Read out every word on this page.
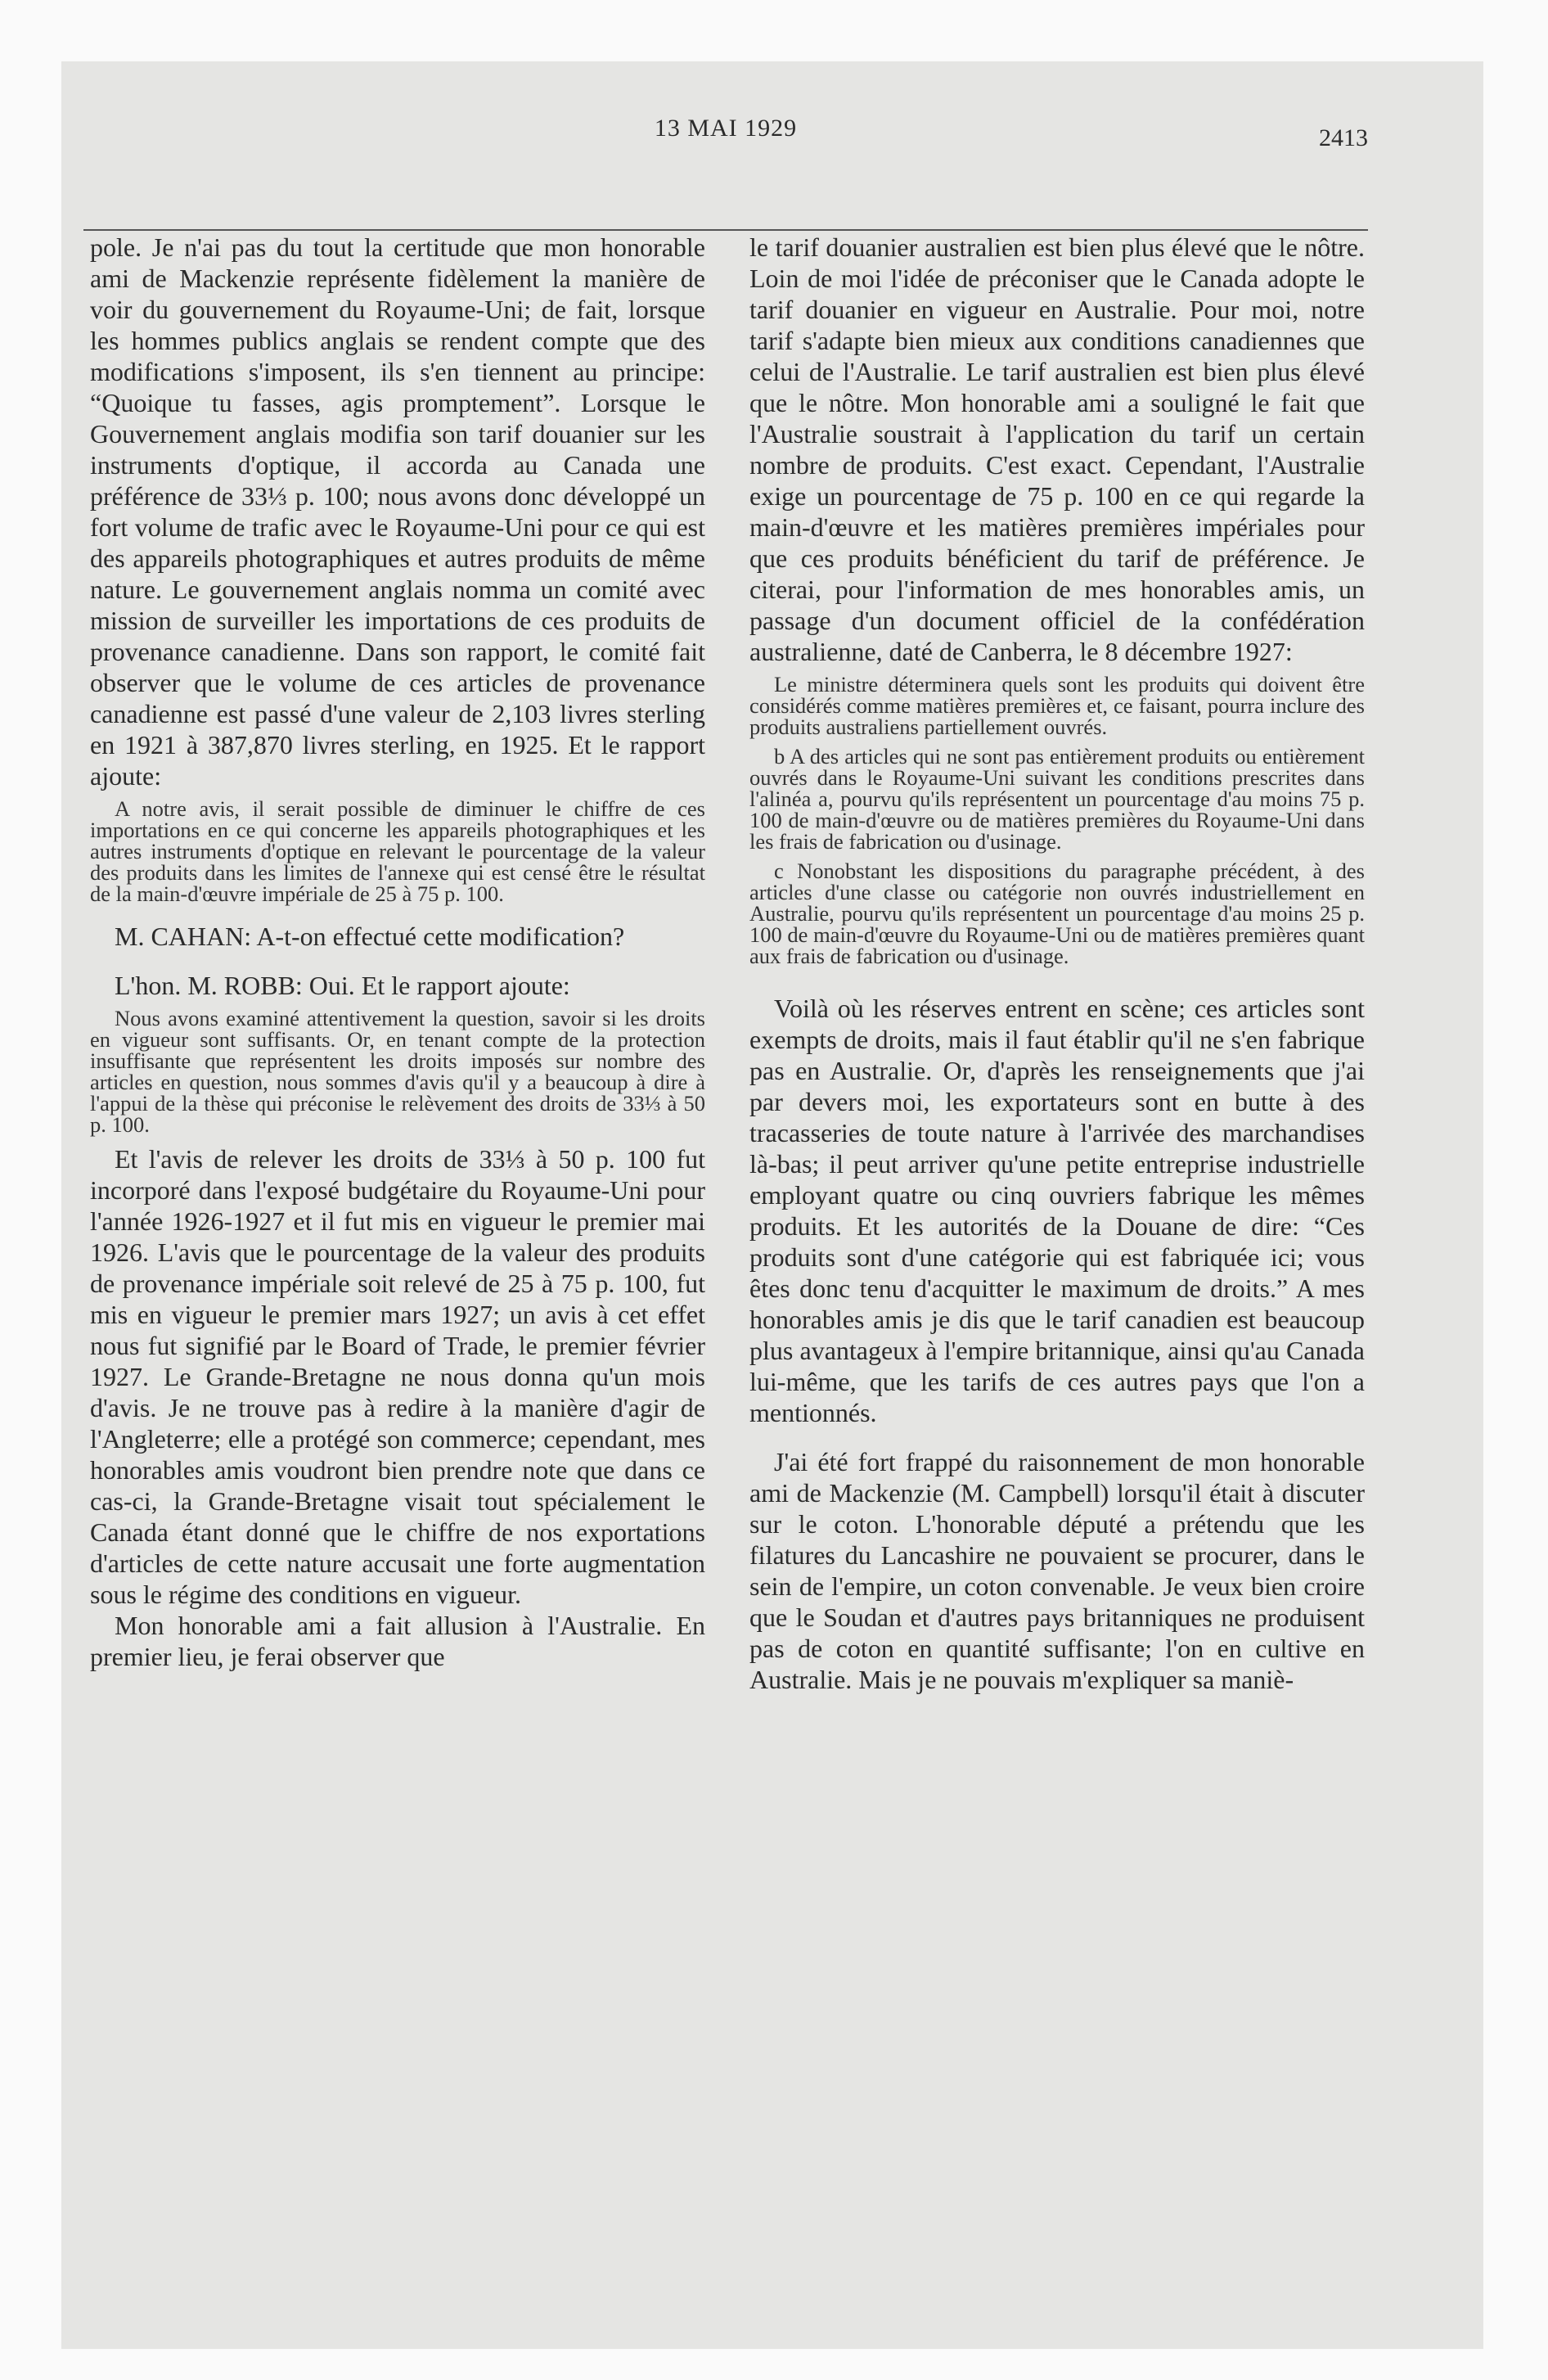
13 MAI 1929	2413

pole. Je n'ai pas du tout la certitude que mon honorable ami de Mackenzie représente fidèlement la manière de voir du gouvernement du Royaume-Uni; de fait, lorsque les hommes publics anglais se rendent compte que des modifications s'imposent, ils s'en tiennent au principe: “Quoique tu fasses, agis promptement”. Lorsque le Gouvernement anglais modifia son tarif douanier sur les instruments d'optique, il accorda au Canada une préférence de 33⅓ p. 100; nous avons donc développé un fort volume de trafic avec le Royaume-Uni pour ce qui est des appareils photographiques et autres produits de même nature. Le gouvernement anglais nomma un comité avec mission de surveiller les importations de ces produits de provenance canadienne. Dans son rapport, le comité fait observer que le volume de ces articles de provenance canadienne est passé d'une valeur de 2,103 livres sterling en 1921 à 387,870 livres sterling, en 1925. Et le rapport ajoute:

A notre avis, il serait possible de diminuer le chiffre de ces importations en ce qui concerne les appareils photographiques et les autres instruments d'optique en relevant le pourcentage de la valeur des produits dans les limites de l'annexe qui est censé être le résultat de la main-d'œuvre impériale de 25 à 75 p. 100.

M. CAHAN: A-t-on effectué cette modification?

L'hon. M. ROBB: Oui. Et le rapport ajoute:

Nous avons examiné attentivement la question, savoir si les droits en vigueur sont suffisants. Or, en tenant compte de la protection insuffisante que représentent les droits imposés sur nombre des articles en question, nous sommes d'avis qu'il y a beaucoup à dire à l'appui de la thèse qui préconise le relèvement des droits de 33⅓ à 50 p. 100.

Et l'avis de relever les droits de 33⅓ à 50 p. 100 fut incorporé dans l'exposé budgétaire du Royaume-Uni pour l'année 1926-1927 et il fut mis en vigueur le premier mai 1926. L'avis que le pourcentage de la valeur des produits de provenance impériale soit relevé de 25 à 75 p. 100, fut mis en vigueur le premier mars 1927; un avis à cet effet nous fut signifié par le Board of Trade, le premier février 1927. Le Grande-Bretagne ne nous donna qu'un mois d'avis. Je ne trouve pas à redire à la manière d'agir de l'Angleterre; elle a protégé son commerce; cependant, mes honorables amis voudront bien prendre note que dans ce cas-ci, la Grande-Bretagne visait tout spécialement le Canada étant donné que le chiffre de nos exportations d'articles de cette nature accusait une forte augmentation sous le régime des conditions en vigueur.

Mon honorable ami a fait allusion à l'Australie. En premier lieu, je ferai observer que

le tarif douanier australien est bien plus élevé que le nôtre. Loin de moi l'idée de préconiser que le Canada adopte le tarif douanier en vigueur en Australie. Pour moi, notre tarif s'adapte bien mieux aux conditions canadiennes que celui de l'Australie. Le tarif australien est bien plus élevé que le nôtre. Mon honorable ami a souligné le fait que l'Australie soustrait à l'application du tarif un certain nombre de produits. C'est exact. Cependant, l'Australie exige un pourcentage de 75 p. 100 en ce qui regarde la main-d'œuvre et les matières premières impériales pour que ces produits bénéficient du tarif de préférence. Je citerai, pour l'information de mes honorables amis, un passage d'un document officiel de la confédération australienne, daté de Canberra, le 8 décembre 1927:

Le ministre déterminera quels sont les produits qui doivent être considérés comme matières premières et, ce faisant, pourra inclure des produits australiens partiellement ouvrés.

b A des articles qui ne sont pas entièrement produits ou entièrement ouvrés dans le Royaume-Uni suivant les conditions prescrites dans l'alinéa a, pourvu qu'ils représentent un pourcentage d'au moins 75 p. 100 de main-d'œuvre ou de matières premières du Royaume-Uni dans les frais de fabrication ou d'usinage.

c Nonobstant les dispositions du paragraphe précédent, à des articles d'une classe ou catégorie non ouvrés industriellement en Australie, pourvu qu'ils représentent un pourcentage d'au moins 25 p. 100 de main-d'œuvre du Royaume-Uni ou de matières premières quant aux frais de fabrication ou d'usinage.

Voilà où les réserves entrent en scène; ces articles sont exempts de droits, mais il faut établir qu'il ne s'en fabrique pas en Australie. Or, d'après les renseignements que j'ai par devers moi, les exportateurs sont en butte à des tracasseries de toute nature à l'arrivée des marchandises là-bas; il peut arriver qu'une petite entreprise industrielle employant quatre ou cinq ouvriers fabrique les mêmes produits. Et les autorités de la Douane de dire: “Ces produits sont d'une catégorie qui est fabriquée ici; vous êtes donc tenu d'acquitter le maximum de droits.” A mes honorables amis je dis que le tarif canadien est beaucoup plus avantageux à l'empire britannique, ainsi qu'au Canada lui-même, que les tarifs de ces autres pays que l'on a mentionnés.

J'ai été fort frappé du raisonnement de mon honorable ami de Mackenzie (M. Campbell) lorsqu'il était à discuter sur le coton. L'honorable député a prétendu que les filatures du Lancashire ne pouvaient se procurer, dans le sein de l'empire, un coton convenable. Je veux bien croire que le Soudan et d'autres pays britanniques ne produisent pas de coton en quantité suffisante; l'on en cultive en Australie. Mais je ne pouvais m'expliquer sa maniè-
